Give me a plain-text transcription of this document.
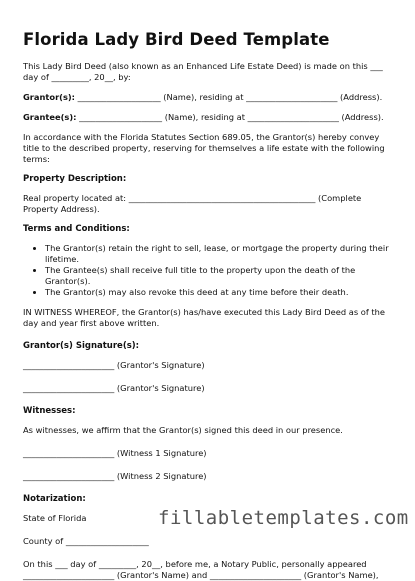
Florida Lady Bird Deed Template

This Lady Bird Deed (also known as an Enhanced Life Estate Deed) is made on this ___ day of _________, 20__, by:

Grantor(s): ____________________ (Name), residing at ______________________ (Address).

Grantee(s): ____________________ (Name), residing at ______________________ (Address).

In accordance with the Florida Statutes Section 689.05, the Grantor(s) hereby convey title to the described property, reserving for themselves a life estate with the following terms:

Property Description:

Real property located at: _____________________________________________ (Complete Property Address).

Terms and Conditions:

• The Grantor(s) retain the right to sell, lease, or mortgage the property during their lifetime.
• The Grantee(s) shall receive full title to the property upon the death of the Grantor(s).
• The Grantor(s) may also revoke this deed at any time before their death.

IN WITNESS WHEREOF, the Grantor(s) has/have executed this Lady Bird Deed as of the day and year first above written.

Grantor(s) Signature(s):

______________________ (Grantor's Signature)

______________________ (Grantor's Signature)

Witnesses:

As witnesses, we affirm that the Grantor(s) signed this deed in our presence.

______________________ (Witness 1 Signature)

______________________ (Witness 2 Signature)

Notarization:

State of Florida

County of ____________________

On this ___ day of _________, 20__, before me, a Notary Public, personally appeared ______________________ (Grantor's Name) and ______________________ (Grantor's Name),

fillabletemplates.com
